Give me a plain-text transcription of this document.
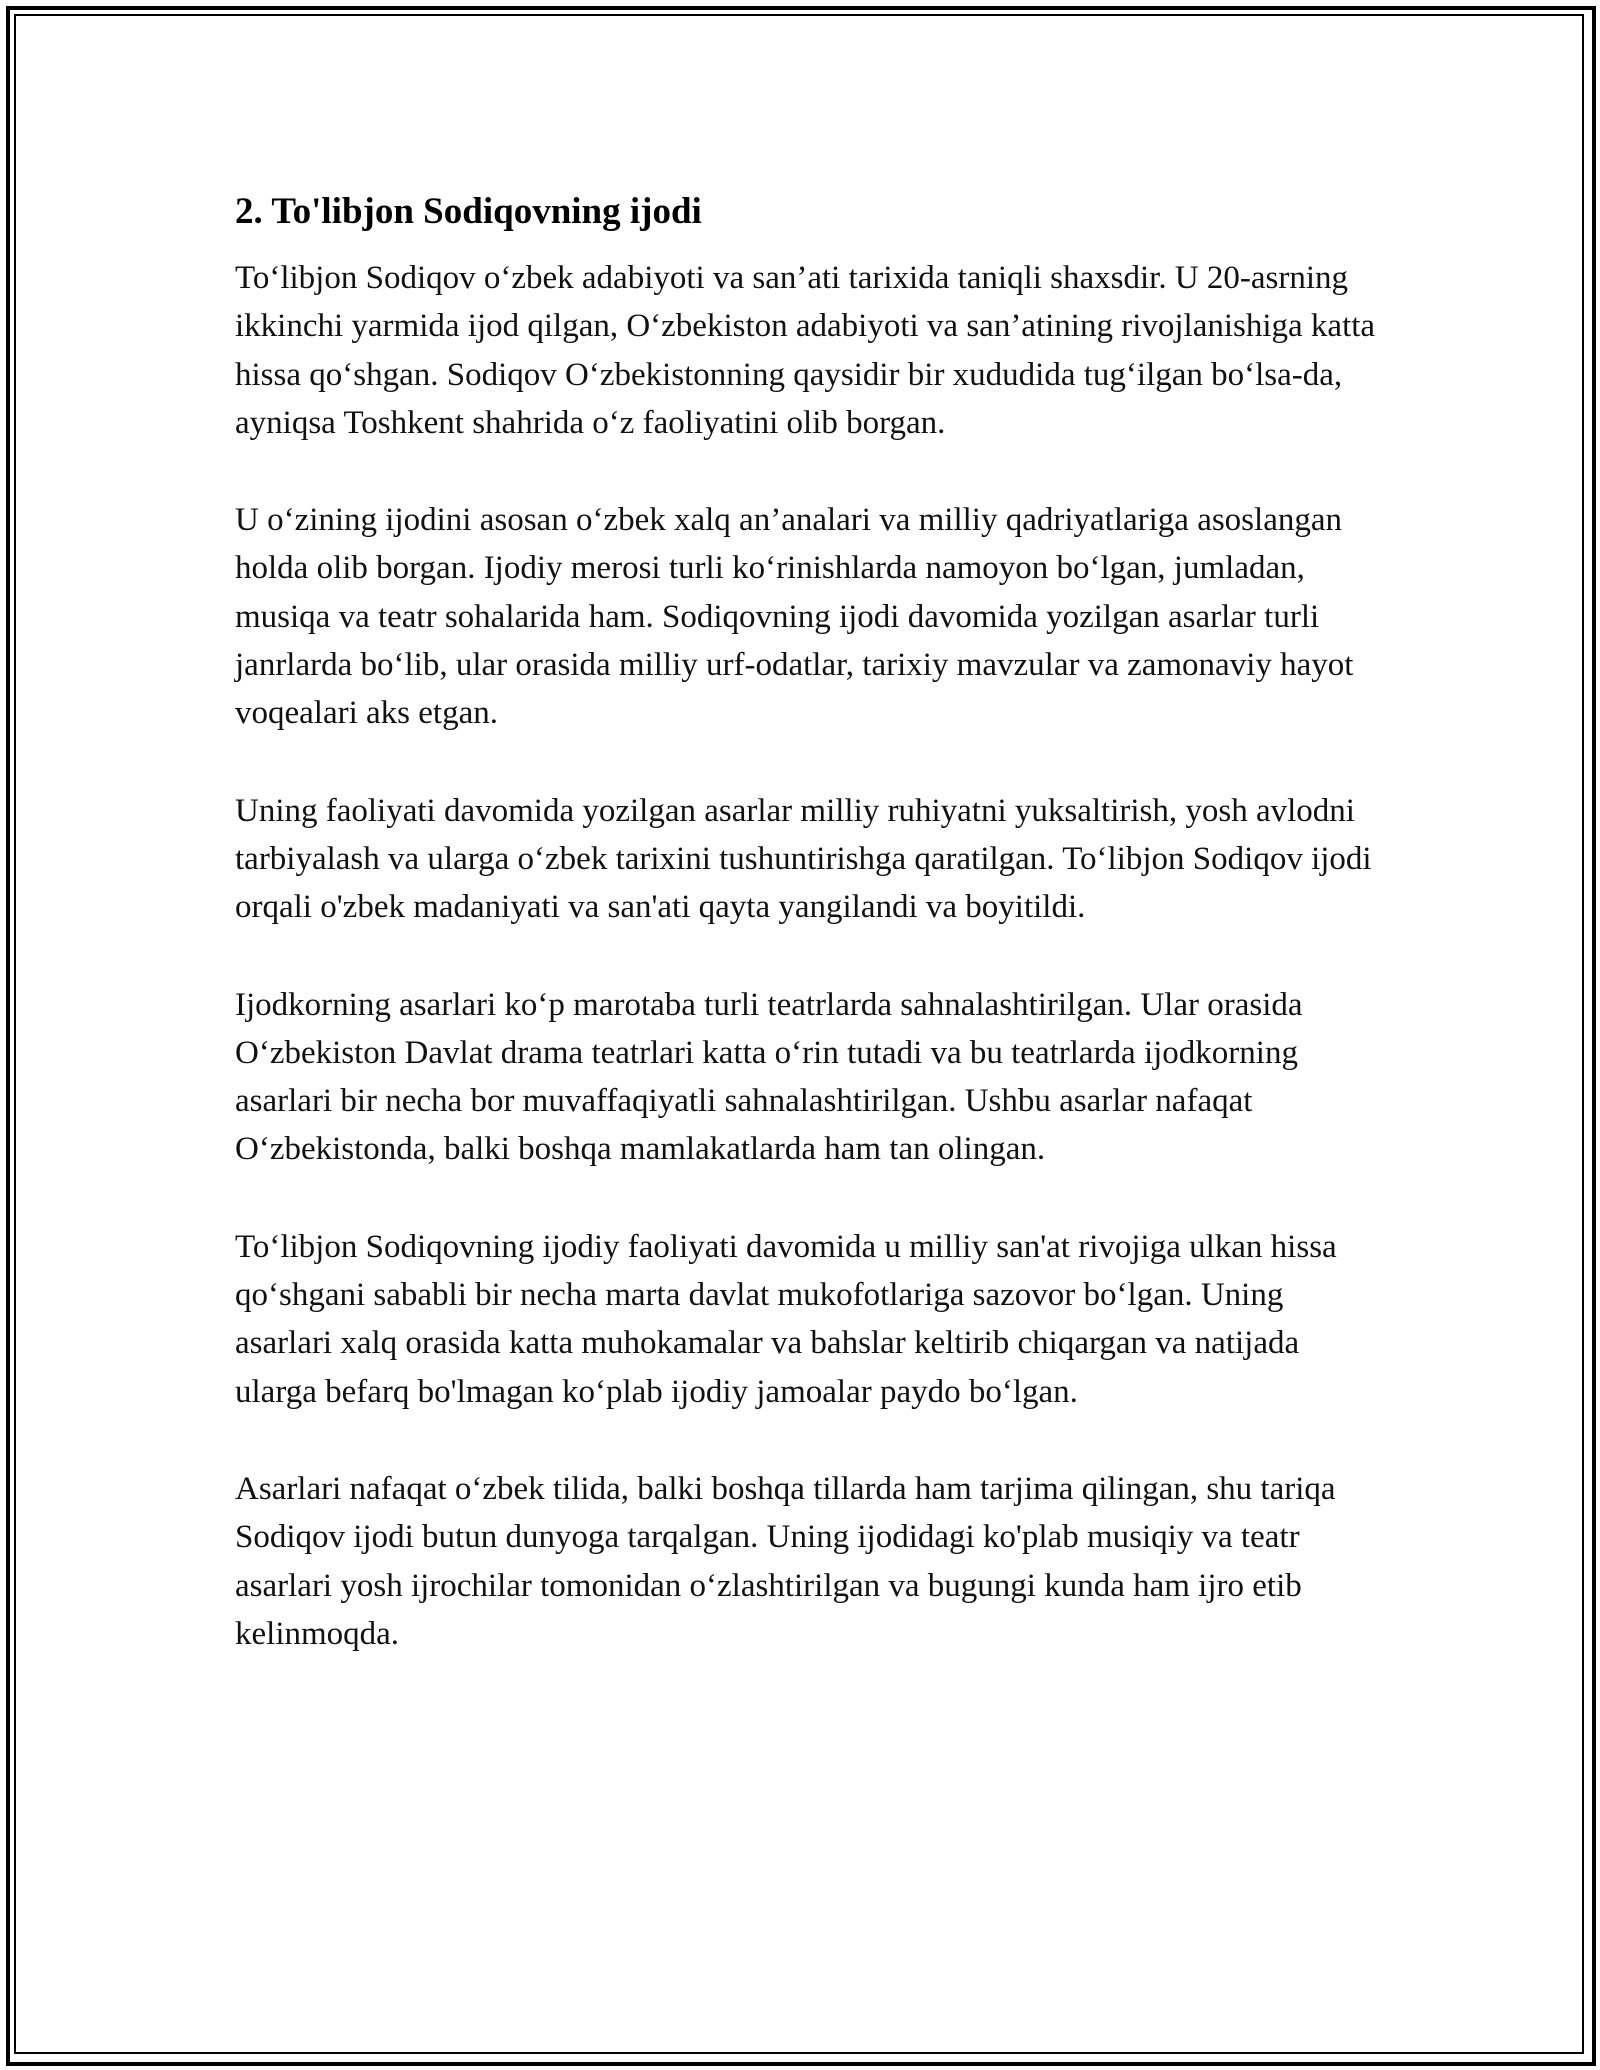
2. To'libjon Sodiqovning ijodi

To‘libjon Sodiqov o‘zbek adabiyoti va san’ati tarixida taniqli shaxsdir. U 20-asrning ikkinchi yarmida ijod qilgan, O‘zbekiston adabiyoti va san’atining rivojlanishiga katta hissa qo‘shgan. Sodiqov O‘zbekistonning qaysidir bir xududida tug‘ilgan bo‘lsa-da, ayniqsa Toshkent shahrida o‘z faoliyatini olib borgan.

U o‘zining ijodini asosan o‘zbek xalq an’analari va milliy qadriyatlariga asoslangan holda olib borgan. Ijodiy merosi turli ko‘rinishlarda namoyon bo‘lgan, jumladan, musiqa va teatr sohalarida ham. Sodiqovning ijodi davomida yozilgan asarlar turli janrlarda bo‘lib, ular orasida milliy urf-odatlar, tarixiy mavzular va zamonaviy hayot voqealari aks etgan.

Uning faoliyati davomida yozilgan asarlar milliy ruhiyatni yuksaltirish, yosh avlodni tarbiyalash va ularga o‘zbek tarixini tushuntirishga qaratilgan. To‘libjon Sodiqov ijodi orqali o'zbek madaniyati va san'ati qayta yangilandi va boyitildi.

Ijodkorning asarlari ko‘p marotaba turli teatrlarda sahnalashtirilgan. Ular orasida O‘zbekiston Davlat drama teatrlari katta o‘rin tutadi va bu teatrlarda ijodkorning asarlari bir necha bor muvaffaqiyatli sahnalashtirilgan. Ushbu asarlar nafaqat O‘zbekistonda, balki boshqa mamlakatlarda ham tan olingan.

To‘libjon Sodiqovning ijodiy faoliyati davomida u milliy san'at rivojiga ulkan hissa qo‘shgani sababli bir necha marta davlat mukofotlariga sazovor bo‘lgan. Uning asarlari xalq orasida katta muhokamalar va bahslar keltirib chiqargan va natijada ularga befarq bo'lmagan ko‘plab ijodiy jamoalar paydo bo‘lgan.

Asarlari nafaqat o‘zbek tilida, balki boshqa tillarda ham tarjima qilingan, shu tariqa Sodiqov ijodi butun dunyoga tarqalgan. Uning ijodidagi ko'plab musiqiy va teatr asarlari yosh ijrochilar tomonidan o‘zlashtirilgan va bugungi kunda ham ijro etib kelinmoqda.
